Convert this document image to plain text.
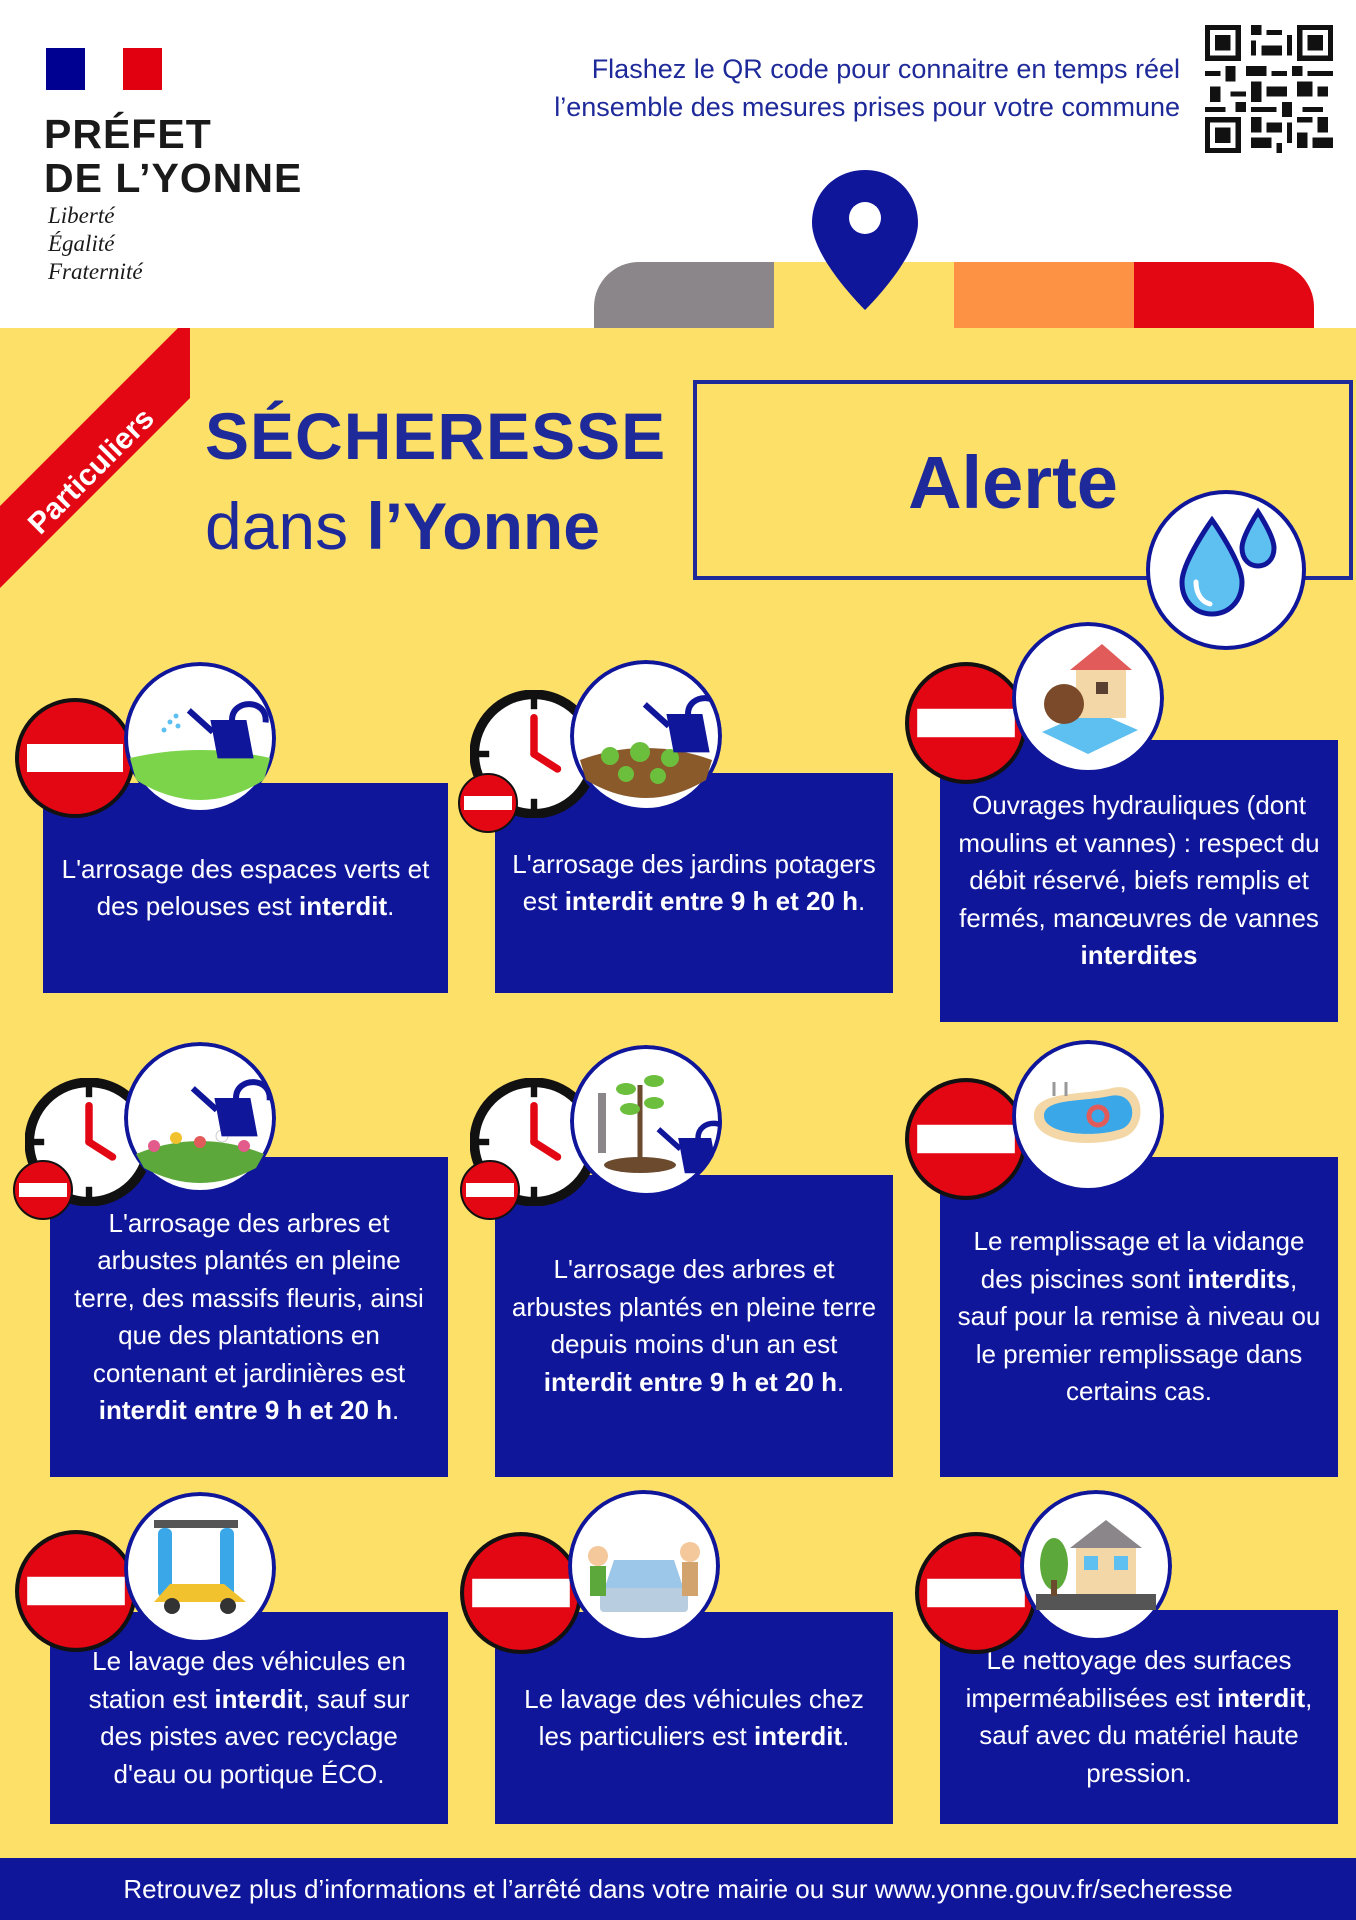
PRÉFET
DE L’YONNE
Liberté
Égalité
Fraternité
Flashez le QR code pour connaitre en temps réel
l’ensemble des mesures prises pour votre commune
Particuliers SÉCHERESSE
dans l’Yonne
Alerte
L'arrosage des espaces verts et des pelouses est interdit.
L'arrosage des jardins potagers est interdit entre 9 h et 20 h.
Ouvrages hydrauliques (dont moulins et vannes) : respect du débit réservé, biefs remplis et fermés, manœuvres de vannes interdites
L'arrosage des arbres et arbustes plantés en pleine terre, des massifs fleuris, ainsi que des plantations en contenant et jardinières est interdit entre 9 h et 20 h.
L'arrosage des arbres et arbustes plantés en pleine terre depuis moins d'un an est interdit entre 9 h et 20 h.
Le remplissage et la vidange des piscines sont interdits, sauf pour la remise à niveau ou le premier remplissage dans certains cas.
Le lavage des véhicules en station est interdit, sauf sur des pistes avec recyclage d'eau ou portique ÉCO.
Le lavage des véhicules chez les particuliers est interdit.
Le nettoyage des surfaces imperméabilisées est interdit, sauf avec du matériel haute pression.
Retrouvez plus d’informations et l’arrêté dans votre mairie ou sur www.yonne.gouv.fr/secheresse
